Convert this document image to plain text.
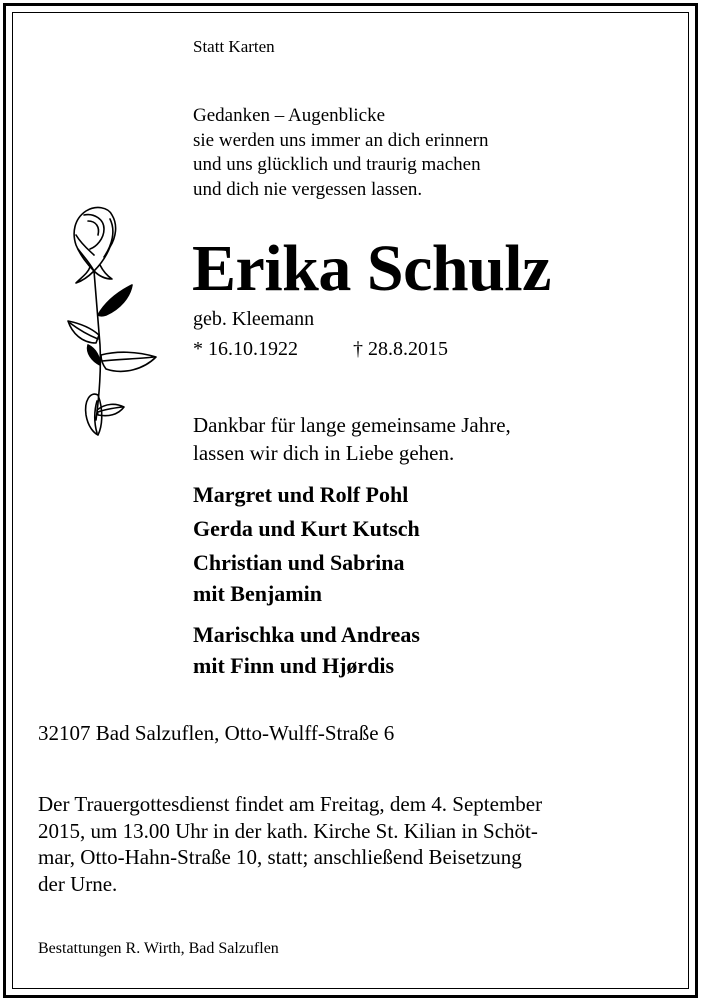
Statt Karten
Gedanken – Augenblicke
sie werden uns immer an dich erinnern
und uns glücklich und traurig machen
und dich nie vergessen lassen.
Erika Schulz
geb. Kleemann
* 16.10.1922	† 28.8.2015
Dankbar für lange gemeinsame Jahre,
lassen wir dich in Liebe gehen.
Margret und Rolf Pohl
Gerda und Kurt Kutsch
Christian und Sabrina
mit Benjamin
Marischka und Andreas
mit Finn und Hjørdis
32107 Bad Salzuflen, Otto-Wulff-Straße 6
Der Trauergottesdienst findet am Freitag, dem 4. September
2015, um 13.00 Uhr in der kath. Kirche St. Kilian in Schöt-
mar, Otto-Hahn-Straße 10, statt; anschließend Beisetzung
der Urne.
Bestattungen R. Wirth, Bad Salzuflen
